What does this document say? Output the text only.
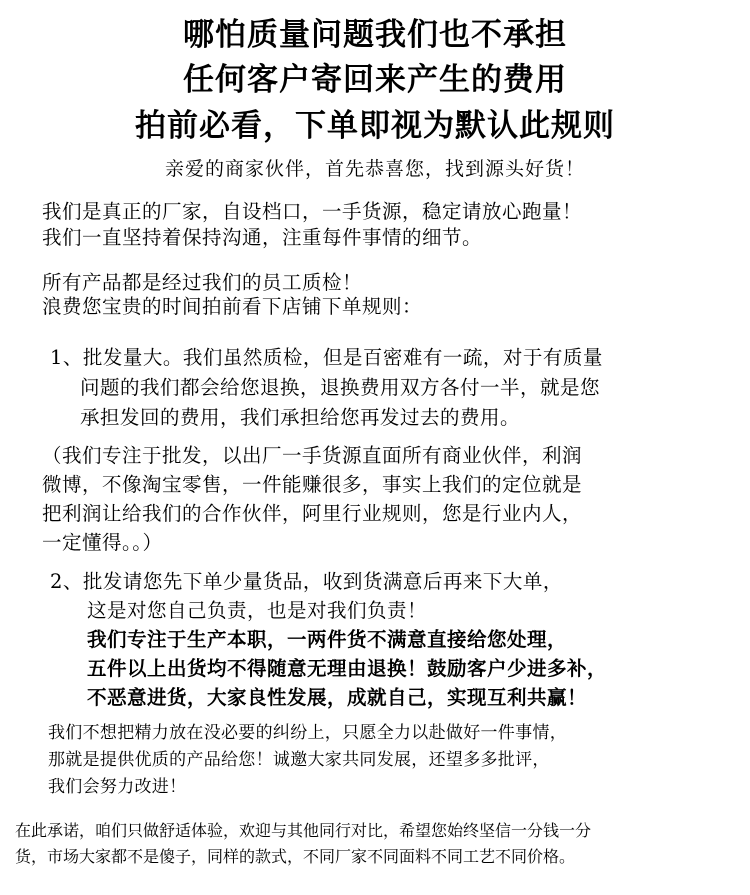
哪怕质量问题我们也不承担
任何客户寄回来产生的费用
拍前必看，下单即视为默认此规则
亲爱的商家伙伴，首先恭喜您，找到源头好货！
我们是真正的厂家，自设档口，一手货源，稳定请放心跑量！
我们一直坚持着保持沟通，注重每件事情的细节。
所有产品都是经过我们的员工质检！
浪费您宝贵的时间拍前看下店铺下单规则：
1、批发量大。我们虽然质检，但是百密难有一疏，对于有质量
问题的我们都会给您退换，退换费用双方各付一半，就是您
承担发回的费用，我们承担给您再发过去的费用。
（我们专注于批发，以出厂一手货源直面所有商业伙伴，利润
微博，不像淘宝零售，一件能赚很多，事实上我们的定位就是
把利润让给我们的合作伙伴，阿里行业规则，您是行业内人，
一定懂得。。）
2、批发请您先下单少量货品，收到货满意后再来下大单，
这是对您自己负责，也是对我们负责！
我们专注于生产本职，一两件货不满意直接给您处理，
五件以上出货均不得随意无理由退换！鼓励客户少进多补，
不恶意进货，大家良性发展，成就自己，实现互利共赢！
我们不想把精力放在没必要的纠纷上，只愿全力以赴做好一件事情，
那就是提供优质的产品给您！诚邀大家共同发展，还望多多批评，
我们会努力改进！
在此承诺，咱们只做舒适体验，欢迎与其他同行对比，希望您始终坚信一分钱一分
货，市场大家都不是傻子，同样的款式，不同厂家不同面料不同工艺不同价格。
